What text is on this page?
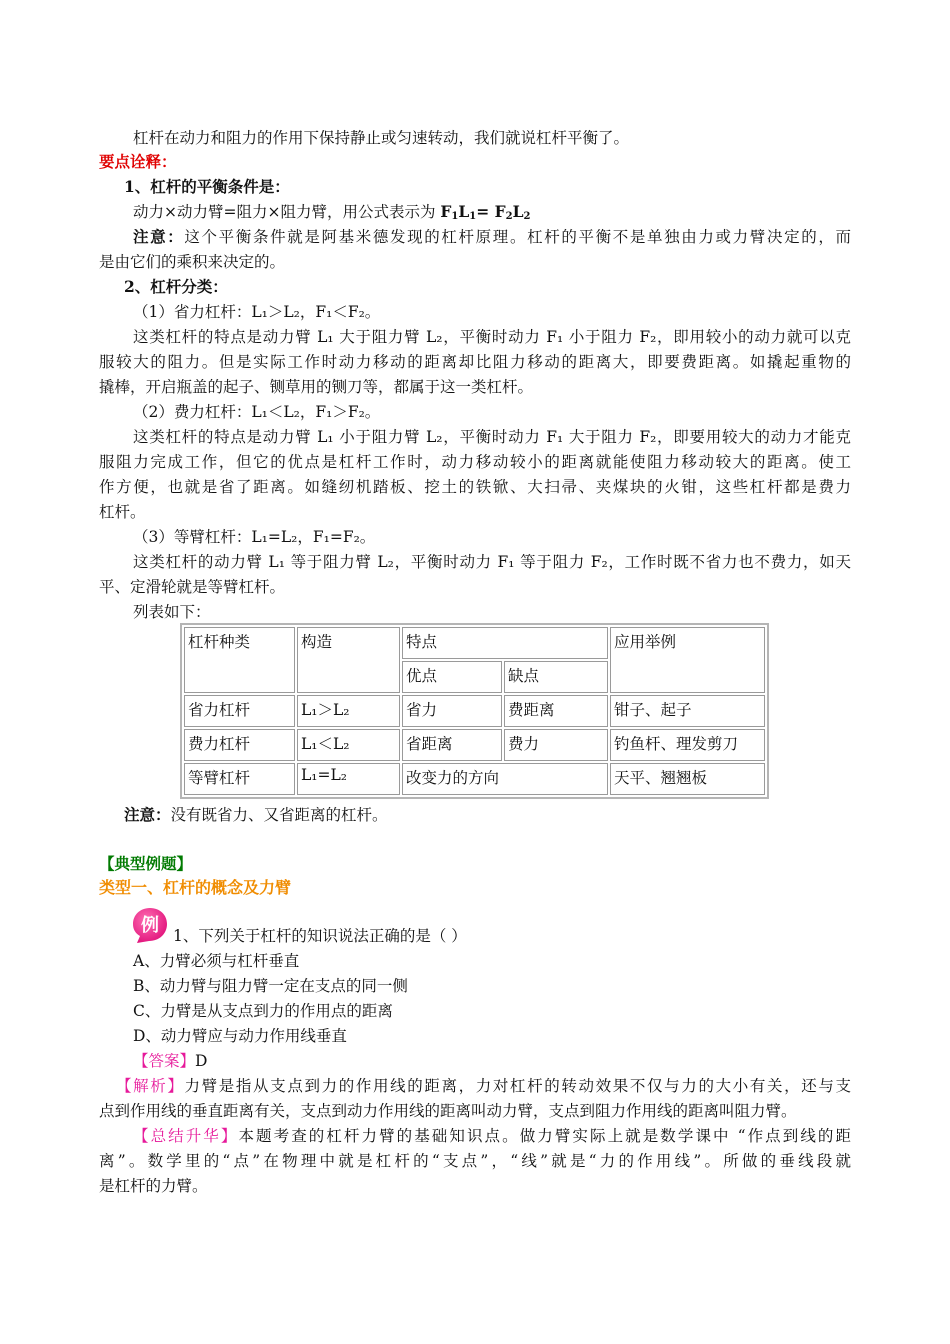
杠杆在动力和阻力的作用下保持静止或匀速转动，我们就说杠杆平衡了。
要点诠释：
1、杠杆的平衡条件是：
动力×动力臂=阻力×阻力臂，用公式表示为 $F_1L_1= F_2L_2$
注意：这个平衡条件就是阿基米德发现的杠杆原理。杠杆的平衡不是单独由力或力臂决定的，而
是由它们的乘积来决定的。
2、杠杆分类：
（1）省力杠杆：L₁＞L₂，F₁＜F₂。
这类杠杆的特点是动力臂 L₁ 大于阻力臂 L₂，平衡时动力 F₁ 小于阻力 F₂，即用较小的动力就可以克
服较大的阻力。但是实际工作时动力移动的距离却比阻力移动的距离大，即要费距离。如撬起重物的
撬棒，开启瓶盖的起子、铡草用的铡刀等，都属于这一类杠杆。
（2）费力杠杆：L₁＜L₂，F₁＞F₂。
这类杠杆的特点是动力臂 L₁ 小于阻力臂 L₂，平衡时动力 F₁ 大于阻力 F₂，即要用较大的动力才能克
服阻力完成工作，但它的优点是杠杆工作时，动力移动较小的距离就能使阻力移动较大的距离。使工
作方便，也就是省了距离。如缝纫机踏板、挖土的铁锨、大扫帚、夹煤块的火钳，这些杠杆都是费力
杠杆。
（3）等臂杠杆：L₁=L₂，F₁=F₂。
这类杠杆的动力臂 L₁ 等于阻力臂 L₂，平衡时动力 F₁ 等于阻力 F₂，工作时既不省力也不费力，如天
平、定滑轮就是等臂杠杆。
列表如下：
杠杆种类	构造	特点		应用举例
		优点	缺点	
省力杠杆	L₁＞L₂	省力	费距离	钳子、起子
费力杠杆	L₁＜L₂	省距离	费力	钓鱼杆、理发剪刀
等臂杠杆	L₁=L₂	改变力的方向		天平、翘翘板
注意：没有既省力、又省距离的杠杆。
【典型例题】
类型一、杠杆的概念及力臂
例 1、下列关于杠杆的知识说法正确的是（ ）
A、力臂必须与杠杆垂直
B、动力臂与阻力臂一定在支点的同一侧
C、力臂是从支点到力的作用点的距离
D、动力臂应与动力作用线垂直
【答案】D
【解析】力臂是指从支点到力的作用线的距离，力对杠杆的转动效果不仅与力的大小有关，还与支
点到作用线的垂直距离有关，支点到动力作用线的距离叫动力臂，支点到阻力作用线的距离叫阻力臂。
【总结升华】本题考查的杠杆力臂的基础知识点。做力臂实际上就是数学课中 “作点到线的距
离”。数学里的“点”在物理中就是杠杆的“支点”，“线”就是“力的作用线”。所做的垂线段就
是杠杆的力臂。
